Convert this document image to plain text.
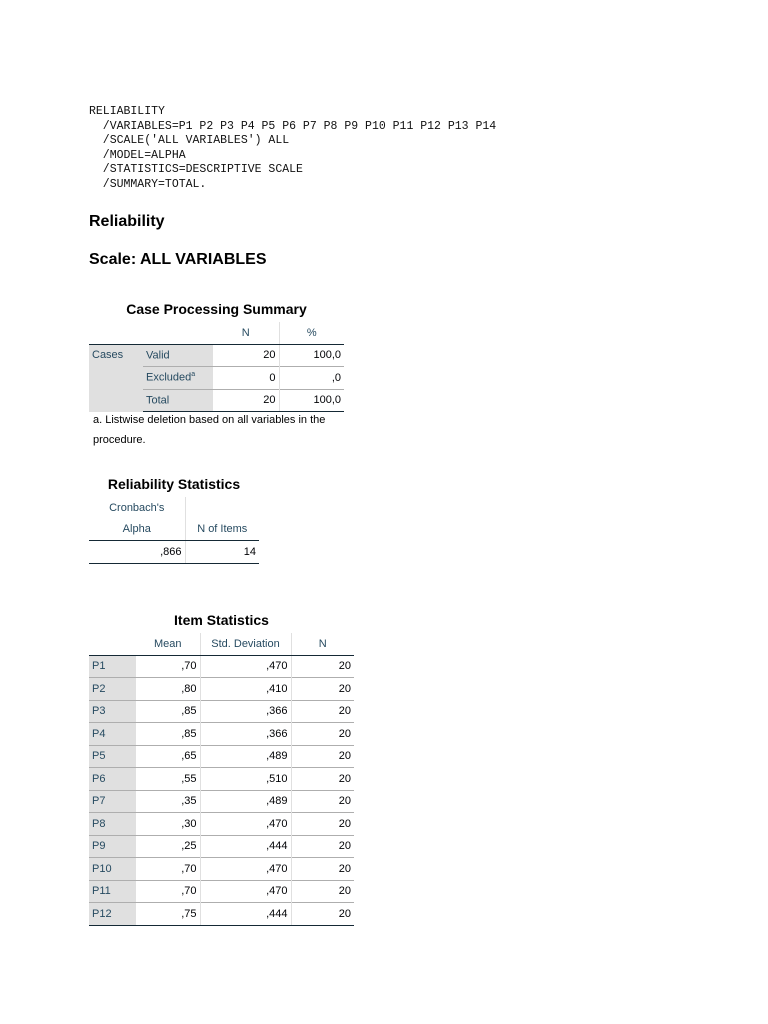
RELIABILITY
/VARIABLES=P1 P2 P3 P4 P5 P6 P7 P8 P9 P10 P11 P12 P13 P14
/SCALE('ALL VARIABLES') ALL
/MODEL=ALPHA
/STATISTICS=DESCRIPTIVE SCALE
/SUMMARY=TOTAL.
Reliability
Scale: ALL VARIABLES
Case Processing Summary
		N	%
Cases	Valid	20	100,0
	Excluded$^a$	0	,0
	Total	20	100,0
a. Listwise deletion based on all variables in the procedure.
Reliability Statistics
Cronbach's	
Alpha	N of Items
,866	14
Item Statistics
	Mean	Std. Deviation	N
P1	,70	,470	20
P2	,80	,410	20
P3	,85	,366	20
P4	,85	,366	20
P5	,65	,489	20
P6	,55	,510	20
P7	,35	,489	20
P8	,30	,470	20
P9	,25	,444	20
P10	,70	,470	20
P11	,70	,470	20
P12	,75	,444	20
